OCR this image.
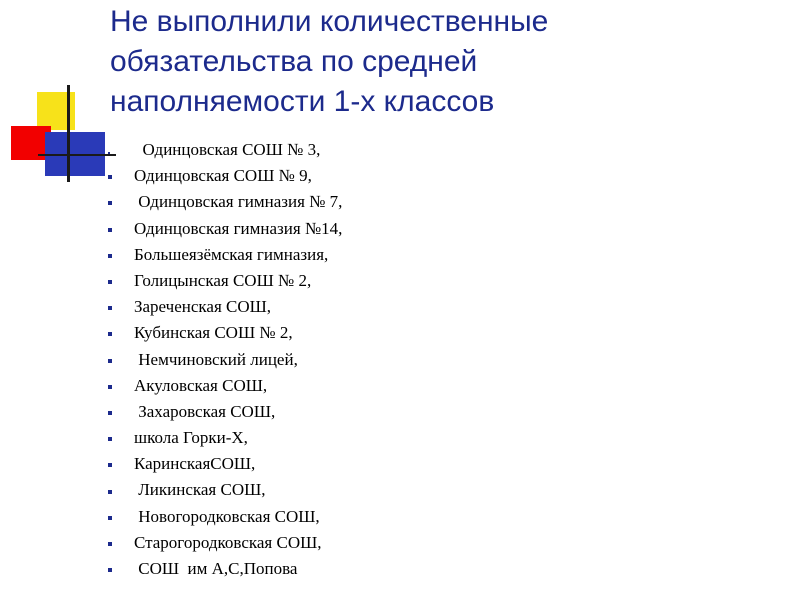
Не выполнили количественные
обязательства по средней
наполняемости 1-х классов
Одинцовская СОШ № 3,
Одинцовская СОШ № 9,
Одинцовская гимназия № 7,
Одинцовская гимназия №14,
Большеязёмская гимназия,
Голицынская СОШ № 2,
Зареченская СОШ,
Кубинская СОШ № 2,
Немчиновский лицей,
Акуловская СОШ,
Захаровская СОШ,
школа Горки-Х,
КаринскаяСОШ,
Ликинская СОШ,
Новогородковская СОШ,
Старогородковская СОШ,
СОШ  им А,С,Попова
